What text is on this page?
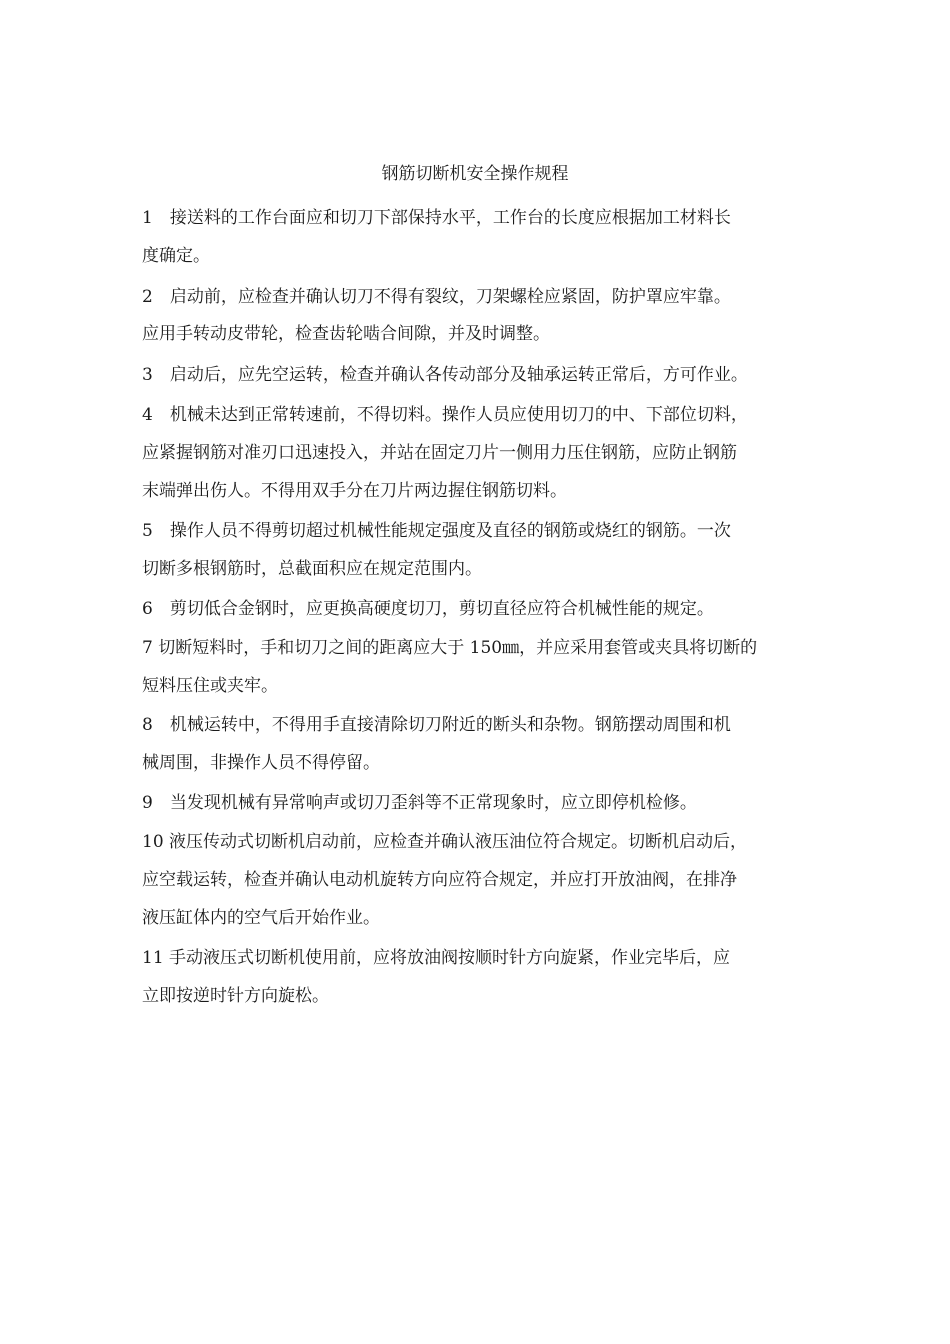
钢筋切断机安全操作规程
1　接送料的工作台面应和切刀下部保持水平，工作台的长度应根据加工材料长
度确定。
2　启动前，应检查并确认切刀不得有裂纹，刀架螺栓应紧固，防护罩应牢靠。
应用手转动皮带轮，检查齿轮啮合间隙，并及时调整。
3　启动后，应先空运转，检查并确认各传动部分及轴承运转正常后，方可作业。
4　机械未达到正常转速前，不得切料。操作人员应使用切刀的中、下部位切料，
应紧握钢筋对准刃口迅速投入，并站在固定刀片一侧用力压住钢筋，应防止钢筋
末端弹出伤人。不得用双手分在刀片两边握住钢筋切料。
5　操作人员不得剪切超过机械性能规定强度及直径的钢筋或烧红的钢筋。一次
切断多根钢筋时，总截面积应在规定范围内。
6　剪切低合金钢时，应更换高硬度切刀，剪切直径应符合机械性能的规定。
7 切断短料时，手和切刀之间的距离应大于 150㎜，并应采用套管或夹具将切断的
短料压住或夹牢。
8　机械运转中，不得用手直接清除切刀附近的断头和杂物。钢筋摆动周围和机
械周围，非操作人员不得停留。
9　当发现机械有异常响声或切刀歪斜等不正常现象时，应立即停机检修。
10 液压传动式切断机启动前，应检查并确认液压油位符合规定。切断机启动后，
应空载运转，检查并确认电动机旋转方向应符合规定，并应打开放油阀，在排净
液压缸体内的空气后开始作业。
11 手动液压式切断机使用前，应将放油阀按顺时针方向旋紧，作业完毕后，应
立即按逆时针方向旋松。
